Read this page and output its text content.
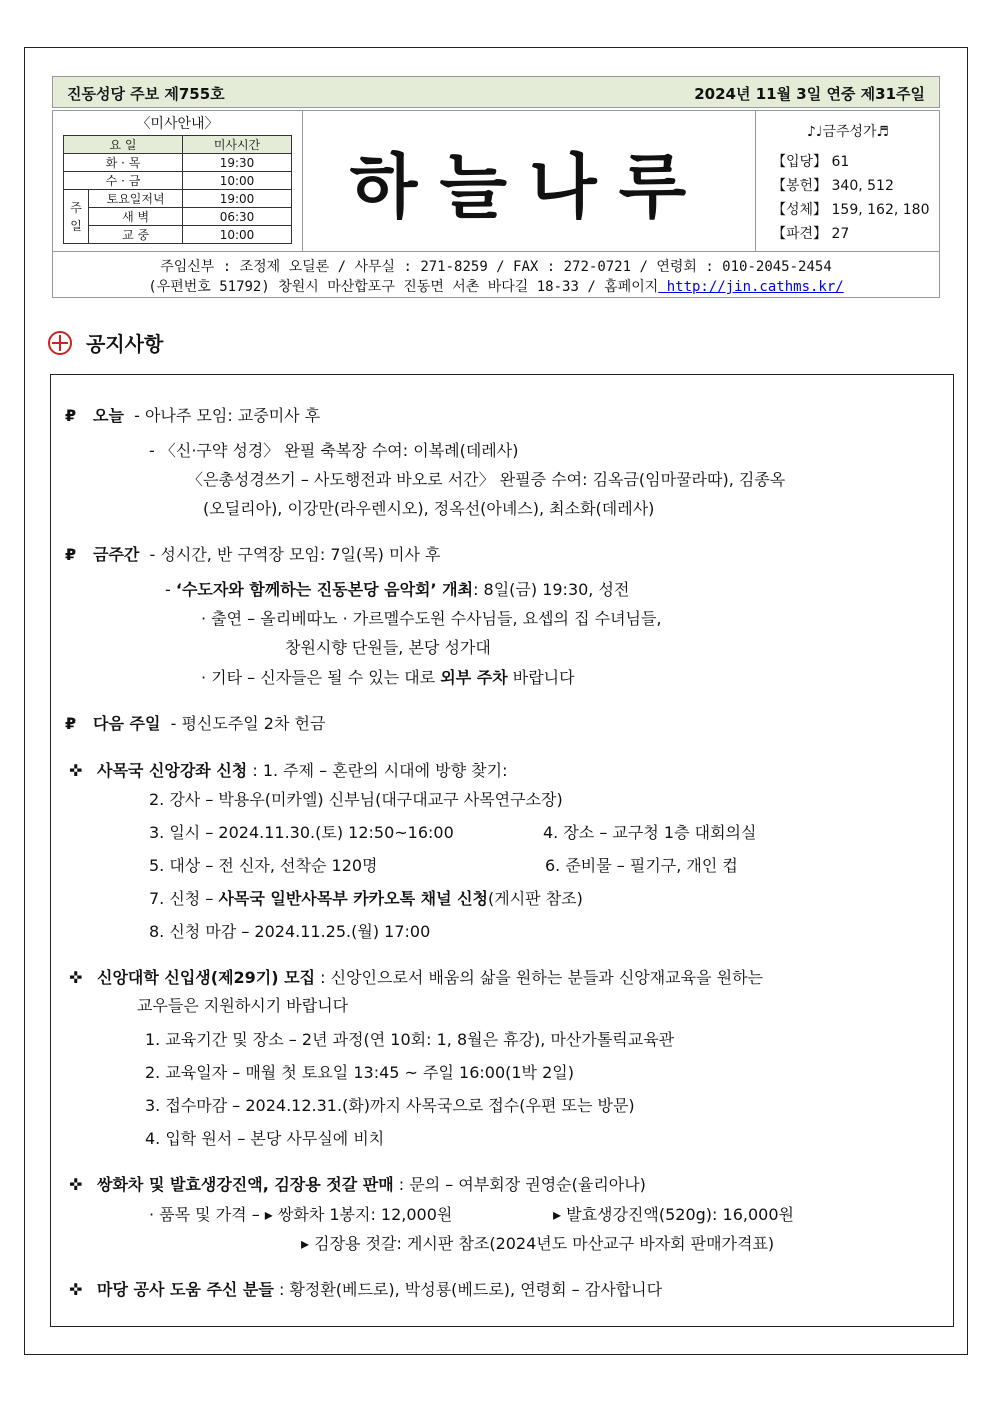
진동성당 주보 제755호	2024년 11월 3일 연중 제31주일
〈미사안내〉
요 일		미사시간
화 · 목		19:30
수 · 금		10:00
주
일	토요일저녁	19:00
	새 벽	06:30
	교 중	10:00
하늘나루
♪♩금주성가♬
【입당】 61
【봉헌】 340, 512
【성체】 159, 162, 180
【파견】 27
주임신부 : 조정제 오딜론 / 사무실 : 271-8259 / FAX : 272-0721 / 연령회 : 010-2045-2454
(우편번호 51792) 창원시 마산합포구 진동면 서촌 바다길 18-33 / 홈페이지 http://jin.cathms.kr/
공지사항
₽ 오늘 - 아나주 모임: 교중미사 후
- 〈신·구약 성경〉 완필 축복장 수여: 이복례(데레사)
〈은총성경쓰기 – 사도행전과 바오로 서간〉 완필증 수여: 김옥금(임마꿀라따), 김종옥
(오딜리아), 이강만(라우렌시오), 정옥선(아녜스), 최소화(데레사)
₽ 금주간 - 성시간, 반 구역장 모임: 7일(목) 미사 후
- ‘수도자와 함께하는 진동본당 음악회’ 개최: 8일(금) 19:30, 성전
· 출연 – 올리베따노 · 가르멜수도원 수사님들, 요셉의 집 수녀님들,
창원시향 단원들, 본당 성가대
· 기타 – 신자들은 될 수 있는 대로 외부 주차 바랍니다
₽ 다음 주일 - 평신도주일 2차 헌금
✜ 사목국 신앙강좌 신청 : 1. 주제 – 혼란의 시대에 방향 찾기:
2. 강사 – 박용우(미카엘) 신부님(대구대교구 사목연구소장)
3. 일시 – 2024.11.30.(토) 12:50~16:00	4. 장소 – 교구청 1층 대회의실
5. 대상 – 전 신자, 선착순 120명	6. 준비물 – 필기구, 개인 컵
7. 신청 – 사목국 일반사목부 카카오톡 채널 신청(게시판 참조)
8. 신청 마감 – 2024.11.25.(월) 17:00
✜ 신앙대학 신입생(제29기) 모집 : 신앙인으로서 배움의 삶을 원하는 분들과 신앙재교육을 원하는
교우들은 지원하시기 바랍니다
1. 교육기간 및 장소 – 2년 과정(연 10회: 1, 8월은 휴강), 마산가톨릭교육관
2. 교육일자 – 매월 첫 토요일 13:45 ~ 주일 16:00(1박 2일)
3. 접수마감 – 2024.12.31.(화)까지 사목국으로 접수(우편 또는 방문)
4. 입학 원서 – 본당 사무실에 비치
✜ 쌍화차 및 발효생강진액, 김장용 젓갈 판매 : 문의 – 여부회장 권영순(율리아나)
· 품목 및 가격 – ▸ 쌍화차 1봉지: 12,000원	▸ 발효생강진액(520g): 16,000원
▸ 김장용 젓갈: 게시판 참조(2024년도 마산교구 바자회 판매가격표)
✜ 마당 공사 도움 주신 분들 : 황정환(베드로), 박성룡(베드로), 연령회 – 감사합니다
